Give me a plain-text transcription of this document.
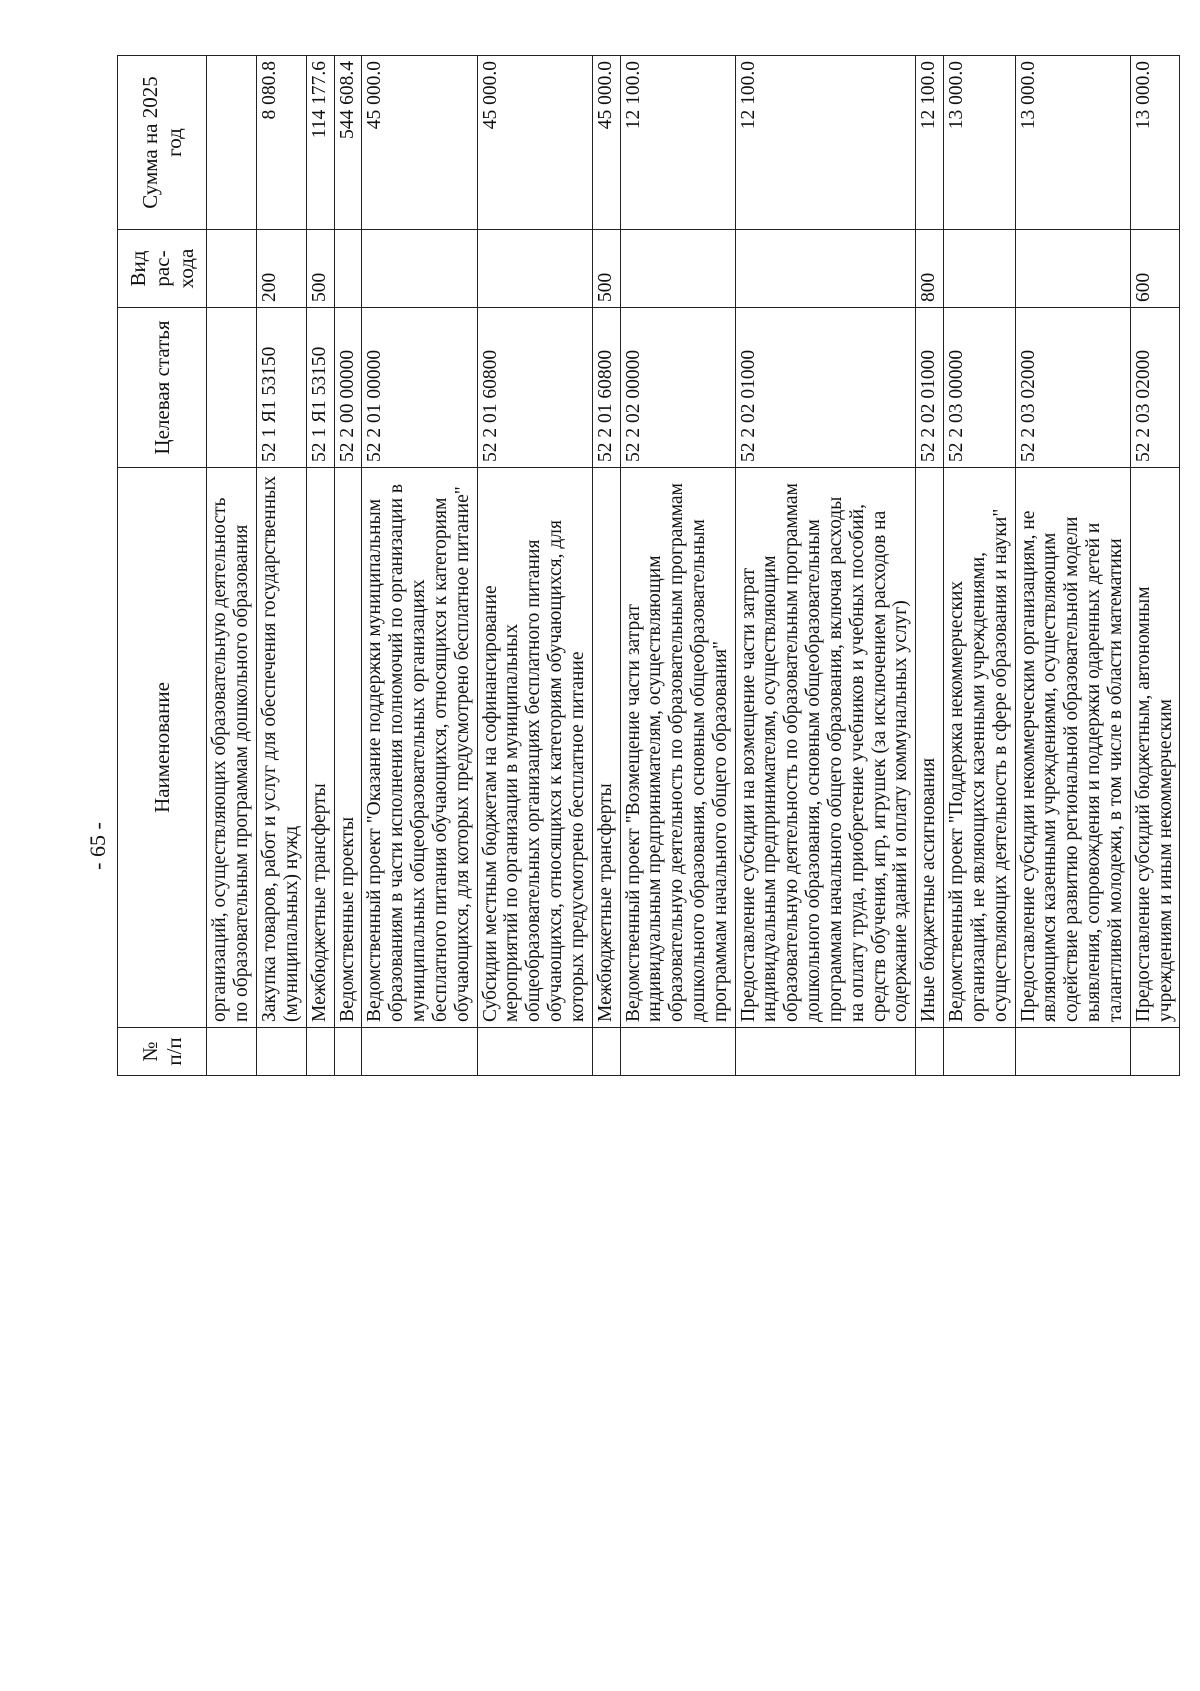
- 65 -
№ п/п	Наименование	Целевая статья	Вид рас-хода	Сумма на 2025 год
	организаций, осуществляющих образовательную деятельность по образовательным программам дошкольного образования			
	Закупка товаров, работ и услуг для обеспечения государственных (муниципальных) нужд	52 1 Я1 53150	200	8 080.8
	Межбюджетные трансферты	52 1 Я1 53150	500	114 177.6
	Ведомственные проекты	52 2 00 00000		544 608.4
	Ведомственный проект "Оказание поддержки муниципальным образованиям в части исполнения полномочий по организации в муниципальных общеобразовательных организациях бесплатного питания обучающихся, относящихся к категориям обучающихся, для которых предусмотрено бесплатное питание"	52 2 01 00000		45 000.0
	Субсидии местным бюджетам на софинансирование мероприятий по организации в муниципальных общеобразовательных организациях бесплатного питания обучающихся, относящихся к категориям обучающихся, для которых предусмотрено бесплатное питание	52 2 01 60800		45 000.0
	Межбюджетные трансферты	52 2 01 60800	500	45 000.0
	Ведомственный проект "Возмещение части затрат индивидуальным предпринимателям, осуществляющим образовательную деятельность по образовательным программам дошкольного образования, основным общеобразовательным программам начального общего образования"	52 2 02 00000		12 100.0
	Предоставление субсидии на возмещение части затрат индивидуальным предпринимателям, осуществляющим образовательную деятельность по образовательным программам дошкольного образования, основным общеобразовательным программам начального общего образования, включая расходы на оплату труда, приобретение учебников и учебных пособий, средств обучения, игр, игрушек (за исключением расходов на содержание зданий и оплату коммунальных услуг)	52 2 02 01000		12 100.0
	Иные бюджетные ассигнования	52 2 02 01000	800	12 100.0
	Ведомственный проект "Поддержка некоммерческих организаций, не являющихся казенными учреждениями, осуществляющих деятельность в сфере образования и науки"	52 2 03 00000		13 000.0
	Предоставление субсидии некоммерческим организациям, не являющимся казенными учреждениями, осуществляющим содействие развитию региональной образовательной модели выявления, сопровождения и поддержки одаренных детей и талантливой молодежи, в том числе в области математики	52 2 03 02000		13 000.0
	Предоставление субсидий бюджетным, автономным учреждениям и иным некоммерческим	52 2 03 02000	600	13 000.0
